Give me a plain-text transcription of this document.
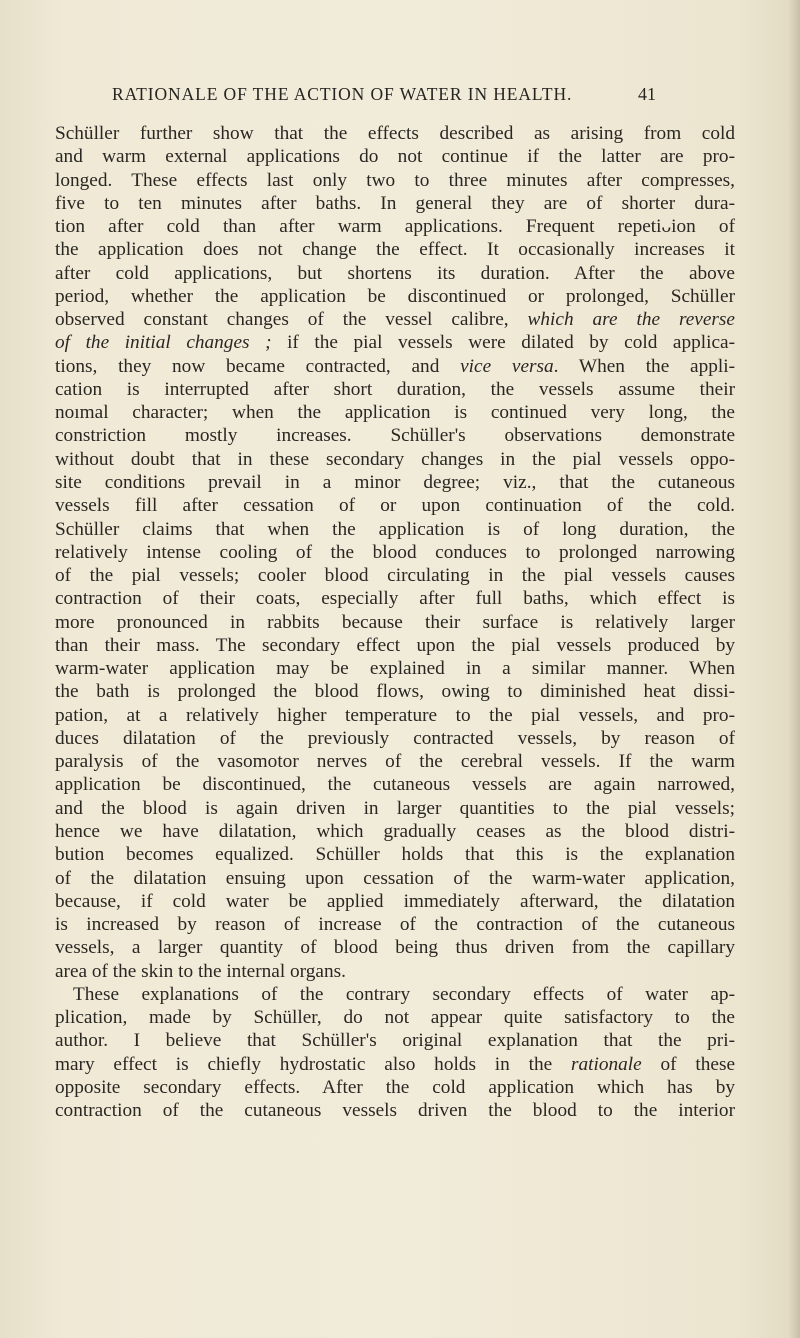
RATIONALE OF THE ACTION OF WATER IN HEALTH.	41
Schüller further show that the effects described as arising from cold
and warm external applications do not continue if the latter are pro-
longed. These effects last only two to three minutes after compresses,
five to ten minutes after baths. In general they are of shorter dura-
tion after cold than after warm applications. Frequent repetiᴗion of
the application does not change the effect. It occasionally increases it
after cold applications, but shortens its duration. After the above
period, whether the application be discontinued or prolonged, Schüller
observed constant changes of the vessel calibre, which are the reverse
of the initial changes ; if the pial vessels were dilated by cold applica-
tions, they now became contracted, and vice versa. When the appli-
cation is interrupted after short duration, the vessels assume their
noımal character; when the application is continued very long, the
constriction mostly increases. Schüller's observations demonstrate
without doubt that in these secondary changes in the pial vessels oppo-
site conditions prevail in a minor degree; viz., that the cutaneous
vessels fill after cessation of or upon continuation of the cold.
Schüller claims that when the application is of long duration, the
relatively intense cooling of the blood conduces to prolonged narrowing
of the pial vessels; cooler blood circulating in the pial vessels causes
contraction of their coats, especially after full baths, which effect is
more pronounced in rabbits because their surface is relatively larger
than their mass. The secondary effect upon the pial vessels produced by
warm-water application may be explained in a similar manner. When
the bath is prolonged the blood flows, owing to diminished heat dissi-
pation, at a relatively higher temperature to the pial vessels, and pro-
duces dilatation of the previously contracted vessels, by reason of
paralysis of the vasomotor nerves of the cerebral vessels. If the warm
application be discontinued, the cutaneous vessels are again narrowed,
and the blood is again driven in larger quantities to the pial vessels;
hence we have dilatation, which gradually ceases as the blood distri-
bution becomes equalized. Schüller holds that this is the explanation
of the dilatation ensuing upon cessation of the warm-water application,
because, if cold water be applied immediately afterward, the dilatation
is increased by reason of increase of the contraction of the cutaneous
vessels, a larger quantity of blood being thus driven from the capillary
area of the skin to the internal organs.
These explanations of the contrary secondary effects of water ap-
plication, made by Schüller, do not appear quite satisfactory to the
author. I believe that Schüller's original explanation that the pri-
mary effect is chiefly hydrostatic also holds in the rationale of these
opposite secondary effects. After the cold application which has by
contraction of the cutaneous vessels driven the blood to the interior
